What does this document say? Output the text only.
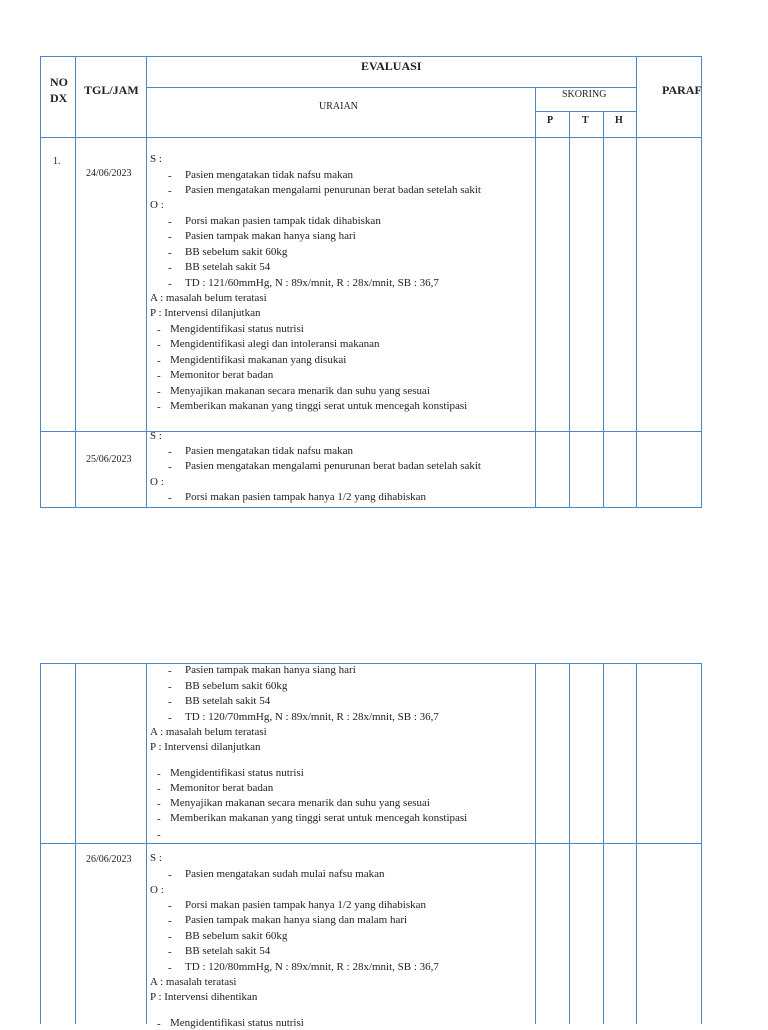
NO
DX
TGL/JAM
EVALUASI
URAIAN
SKORING
P	T	H
PARAF
1.
24/06/2023
S :
- Pasien mengatakan tidak nafsu makan
- Pasien mengatakan mengalami penurunan berat badan setelah sakit
O :
- Porsi makan pasien tampak tidak dihabiskan
- Pasien tampak makan hanya siang hari
- BB sebelum sakit 60kg
- BB setelah sakit 54
- TD : 121/60mmHg, N : 89x/mnit, R : 28x/mnit, SB : 36,7
A : masalah belum teratasi
P : Intervensi dilanjutkan
- Mengidentifikasi status nutrisi
- Mengidentifikasi alegi dan intoleransi makanan
- Mengidentifikasi makanan yang disukai
- Memonitor berat badan
- Menyajikan makanan secara menarik dan suhu yang sesuai
- Memberikan makanan yang tinggi serat untuk mencegah konstipasi
25/06/2023
S :
- Pasien mengatakan tidak nafsu makan
- Pasien mengatakan mengalami penurunan berat badan setelah sakit
O :
- Porsi makan pasien tampak hanya 1/2 yang dihabiskan
- Pasien tampak makan hanya siang hari
- BB sebelum sakit 60kg
- BB setelah sakit 54
- TD : 120/70mmHg, N : 89x/mnit, R : 28x/mnit, SB : 36,7
A : masalah belum teratasi
P : Intervensi dilanjutkan
- Mengidentifikasi status nutrisi
- Memonitor berat badan
- Menyajikan makanan secara menarik dan suhu yang sesuai
- Memberikan makanan yang tinggi serat untuk mencegah konstipasi
-
26/06/2023 S :
- Pasien mengatakan sudah mulai nafsu makan
O :
- Porsi makan pasien tampak hanya 1/2 yang dihabiskan
- Pasien tampak makan hanya siang dan malam hari
- BB sebelum sakit 60kg
- BB setelah sakit 54
- TD : 120/80mmHg, N : 89x/mnit, R : 28x/mnit, SB : 36,7
A : masalah teratasi
P : Intervensi dihentikan
- Mengidentifikasi status nutrisi
